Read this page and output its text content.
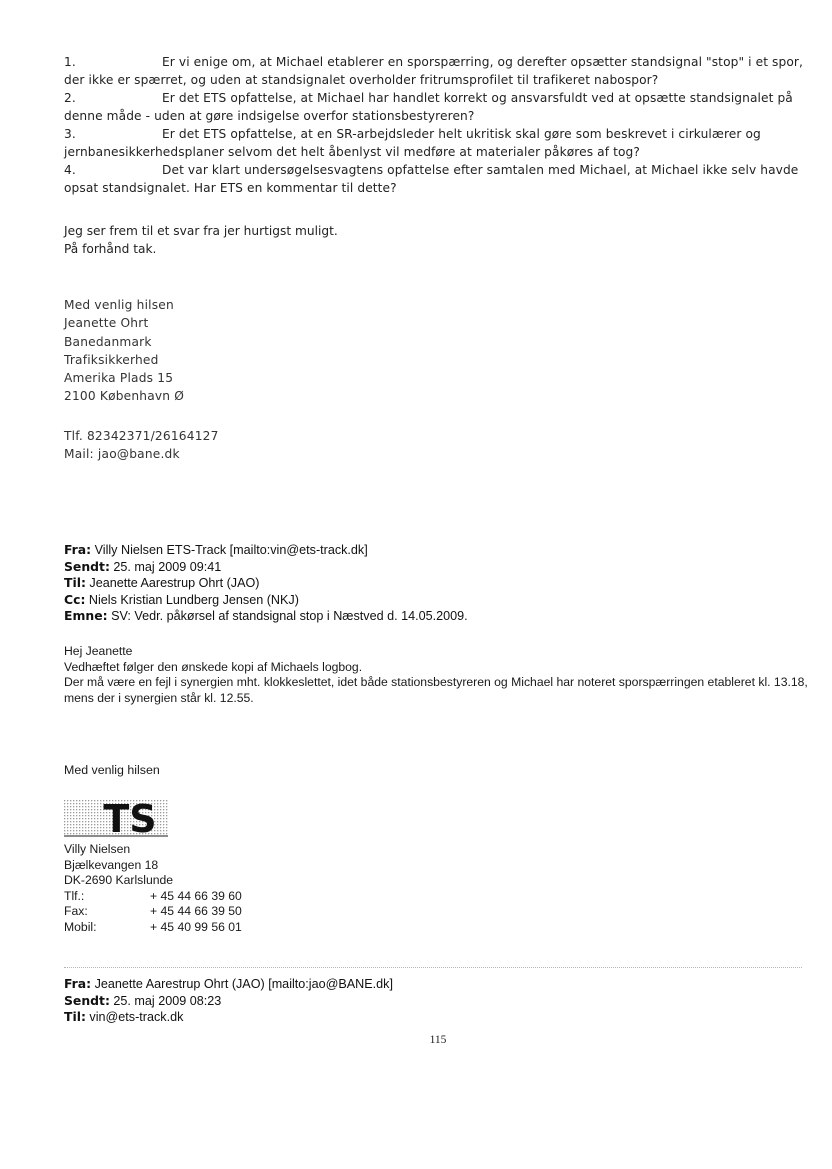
1.	Er vi enige om, at Michael etablerer en sporspærring, og derefter opsætter standsignal "stop" i et spor, der ikke er spærret, og uden at standsignalet overholder fritrumsprofilet til trafikeret nabospor?

2.	Er det ETS opfattelse, at Michael har handlet korrekt og ansvarsfuldt ved at opsætte standsignalet på denne måde - uden at gøre indsigelse overfor stationsbestyreren?

3.	Er det ETS opfattelse, at en SR-arbejdsleder helt ukritisk skal gøre som beskrevet i cirkulærer og jernbanesikkerhedsplaner selvom det helt åbenlyst vil medføre at materialer påkøres af tog?

4.	Det var klart undersøgelsesvagtens opfattelse efter samtalen med Michael, at Michael ikke selv havde opsat standsignalet. Har ETS en kommentar til dette?

Jeg ser frem til et svar fra jer hurtigst muligt.
På forhånd tak.
Med venlig hilsen
Jeanette Ohrt
Banedanmark
Trafiksikkerhed
Amerika Plads 15
2100 København Ø
Tlf. 82342371/26164127
Mail: jao@bane.dk
Fra: Villy Nielsen ETS-Track [mailto:vin@ets-track.dk]
Sendt: 25. maj 2009 09:41
Til: Jeanette Aarestrup Ohrt (JAO)
Cc: Niels Kristian Lundberg Jensen (NKJ)
Emne: SV: Vedr. påkørsel af standsignal stop i Næstved d. 14.05.2009.

Hej Jeanette

Vedhæftet følger den ønskede kopi af Michaels logbog.

Der må være en fejl i synergien mht. klokkeslettet, idet både stationsbestyreren og Michael har noteret sporspærringen etableret kl. 13.18, mens der i synergien står kl. 12.55.

Med venlig hilsen
TS
Villy Nielsen
Bjælkevangen 18
DK-2690 Karlslunde
Tlf.:	+ 45 44 66 39 60
Fax:	+ 45 44 66 39 50
Mobil:	+ 45 40 99 56 01
Fra: Jeanette Aarestrup Ohrt (JAO) [mailto:jao@BANE.dk]
Sendt: 25. maj 2009 08:23
Til: vin@ets-track.dk
115
